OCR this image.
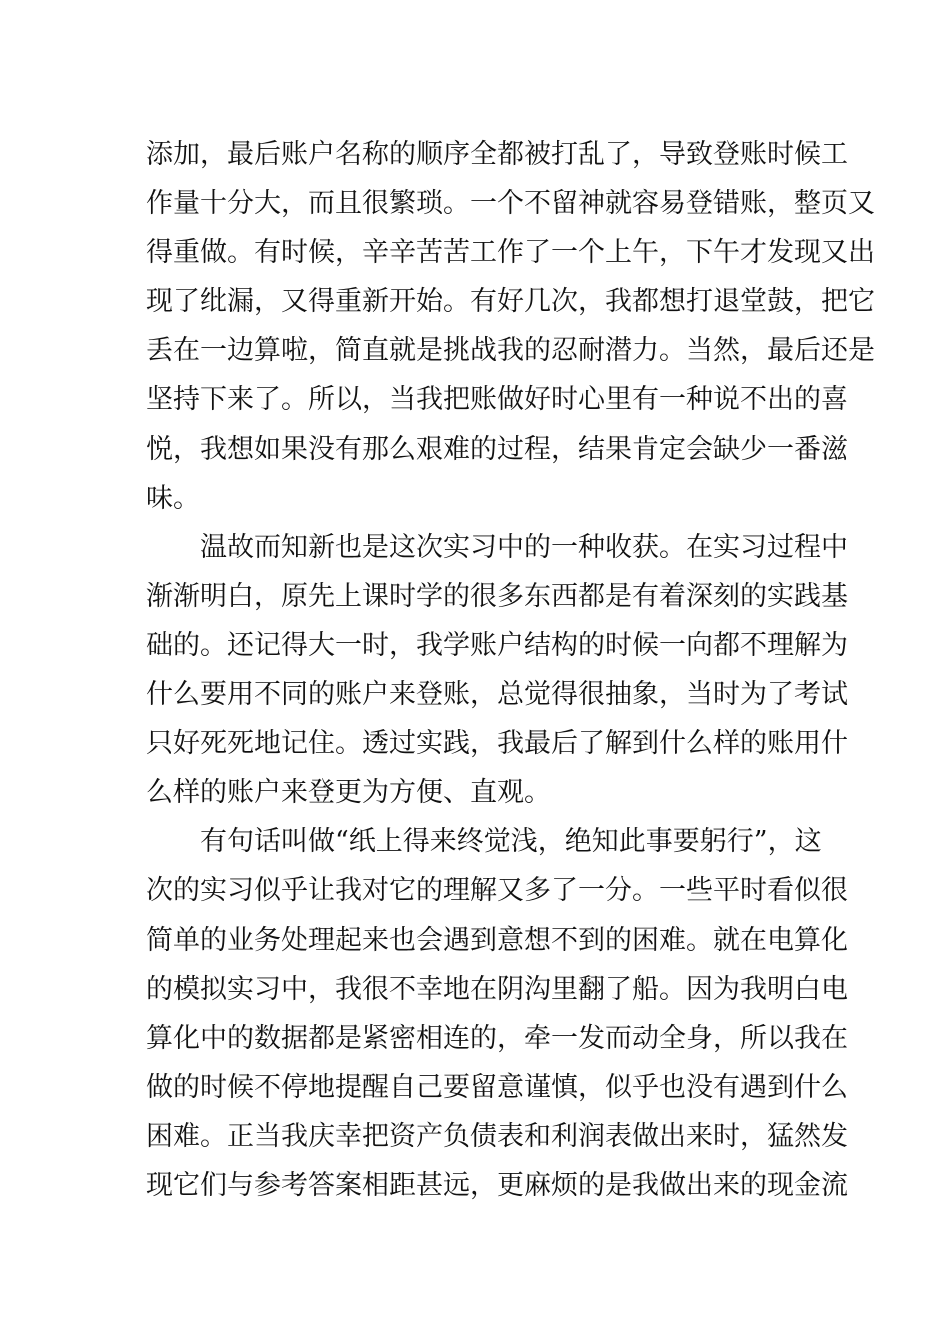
添加，最后账户名称的顺序全都被打乱了，导致登账时候工
作量十分大，而且很繁琐。一个不留神就容易登错账，整页又
得重做。有时候，辛辛苦苦工作了一个上午，下午才发现又出
现了纰漏，又得重新开始。有好几次，我都想打退堂鼓，把它
丢在一边算啦，简直就是挑战我的忍耐潜力。当然，最后还是
坚持下来了。所以，当我把账做好时心里有一种说不出的喜
悦，我想如果没有那么艰难的过程，结果肯定会缺少一番滋
味。
温故而知新也是这次实习中的一种收获。在实习过程中
渐渐明白，原先上课时学的很多东西都是有着深刻的实践基
础的。还记得大一时，我学账户结构的时候一向都不理解为
什么要用不同的账户来登账，总觉得很抽象，当时为了考试
只好死死地记住。透过实践，我最后了解到什么样的账用什
么样的账户来登更为方便、直观。
有句话叫做“纸上得来终觉浅，绝知此事要躬行”，这
次的实习似乎让我对它的理解又多了一分。一些平时看似很
简单的业务处理起来也会遇到意想不到的困难。就在电算化
的模拟实习中，我很不幸地在阴沟里翻了船。因为我明白电
算化中的数据都是紧密相连的，牵一发而动全身，所以我在
做的时候不停地提醒自己要留意谨慎，似乎也没有遇到什么
困难。正当我庆幸把资产负债表和利润表做出来时，猛然发
现它们与参考答案相距甚远，更麻烦的是我做出来的现金流
